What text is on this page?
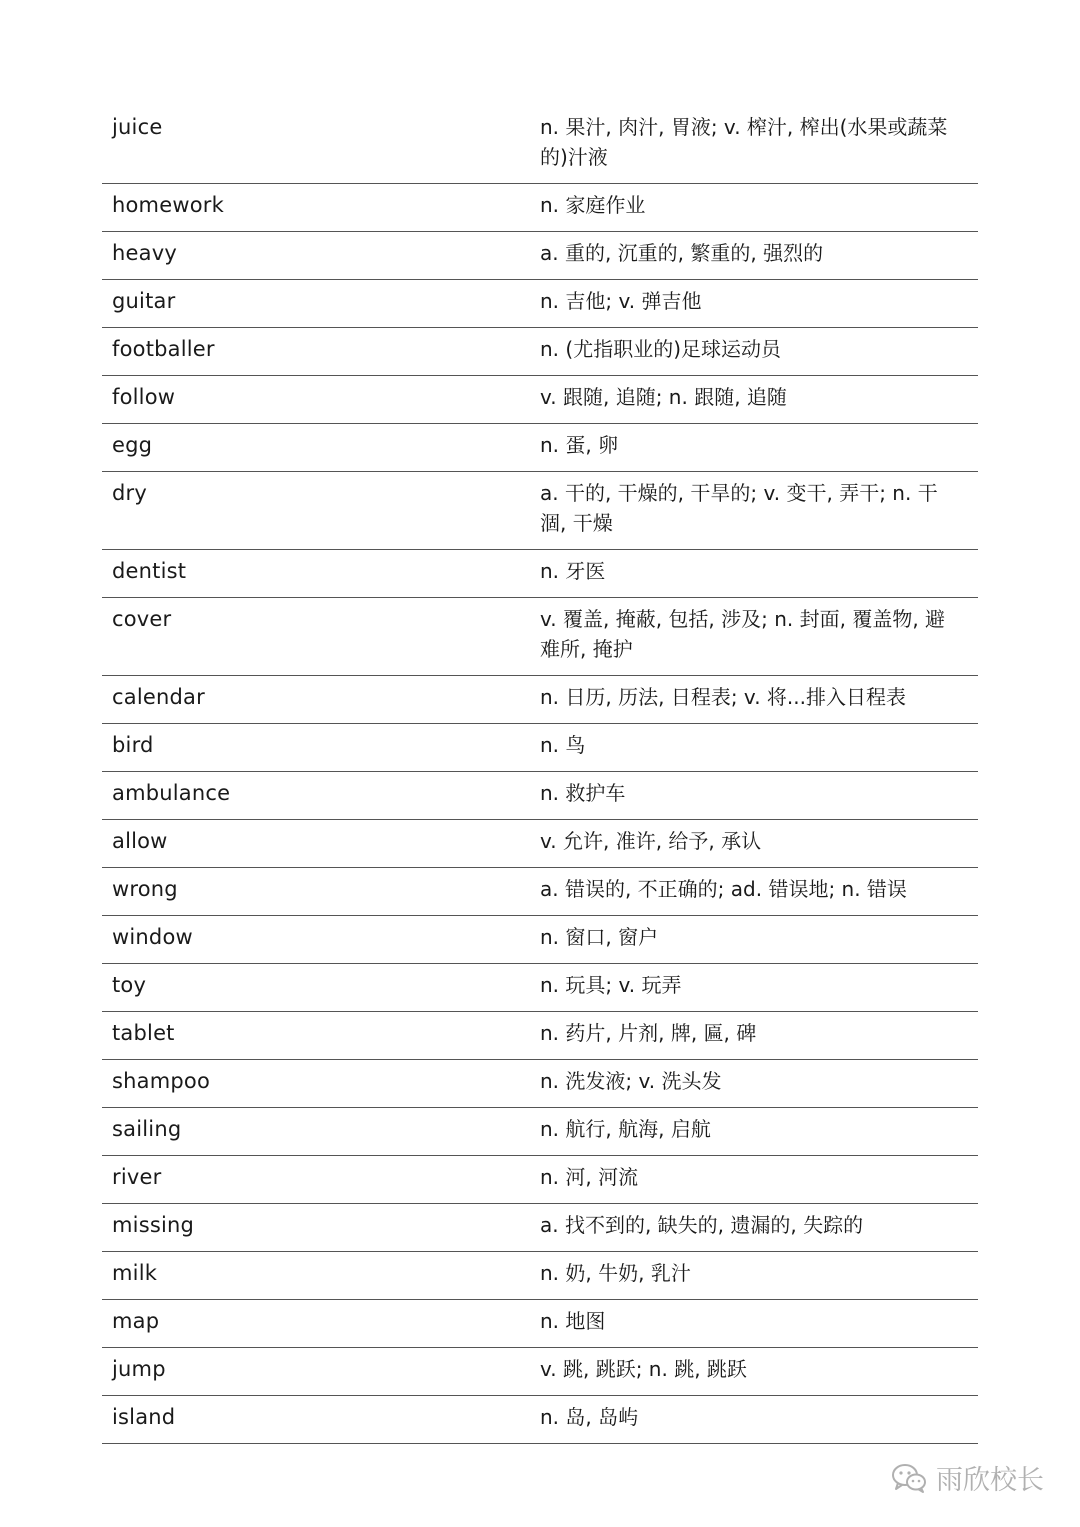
juice	n. 果汁, 肉汁, 胃液; v. 榨汁, 榨出(水果或蔬菜的)汁液
homework	n. 家庭作业
heavy	a. 重的, 沉重的, 繁重的, 强烈的
guitar	n. 吉他; v. 弹吉他
footballer	n. (尤指职业的)足球运动员
follow	v. 跟随, 追随; n. 跟随, 追随
egg	n. 蛋, 卵
dry	a. 干的, 干燥的, 干旱的; v. 变干, 弄干; n. 干涸, 干燥
dentist	n. 牙医
cover	v. 覆盖, 掩蔽, 包括, 涉及; n. 封面, 覆盖物, 避难所, 掩护
calendar	n. 日历, 历法, 日程表; v. 将...排入日程表
bird	n. 鸟
ambulance	n. 救护车
allow	v. 允许, 准许, 给予, 承认
wrong	a. 错误的, 不正确的; ad. 错误地; n. 错误
window	n. 窗口, 窗户
toy	n. 玩具; v. 玩弄
tablet	n. 药片, 片剂, 牌, 匾, 碑
shampoo	n. 洗发液; v. 洗头发
sailing	n. 航行, 航海, 启航
river	n. 河, 河流
missing	a. 找不到的, 缺失的, 遗漏的, 失踪的
milk	n. 奶, 牛奶, 乳汁
map	n. 地图
jump	v. 跳, 跳跃; n. 跳, 跳跃
island	n. 岛, 岛屿
雨欣校长
